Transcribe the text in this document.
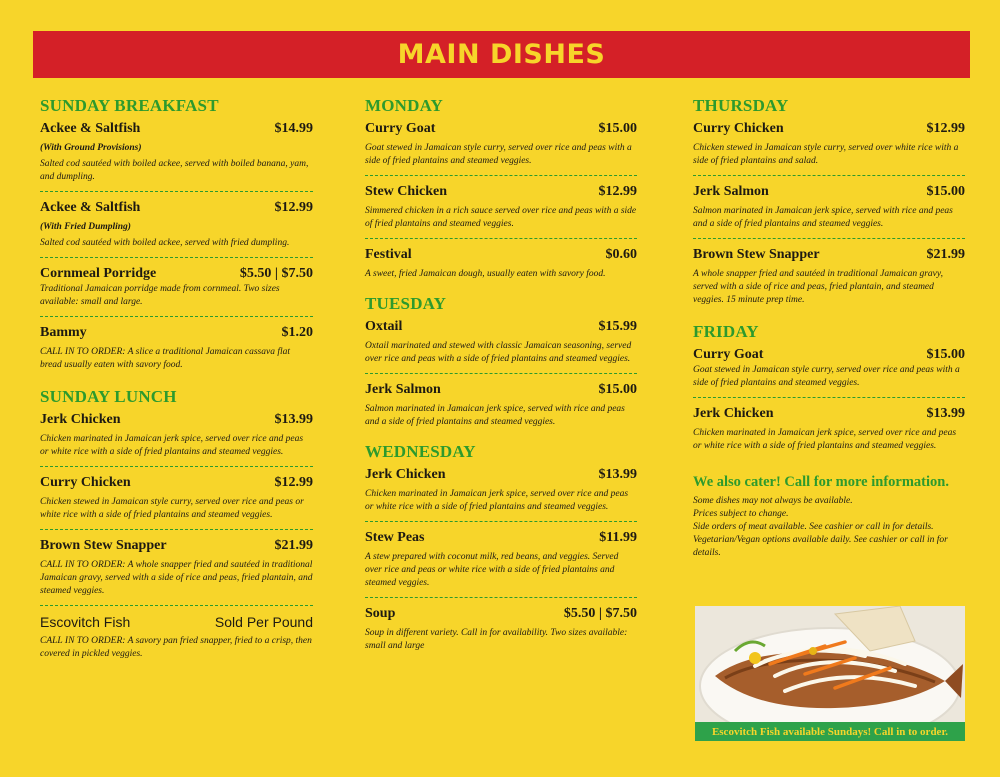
MAIN DISHES
SUNDAY BREAKFAST
Ackee & Saltfish	$14.99
(With Ground Provisions)
Salted cod sautéed with boiled ackee, served with boiled banana, yam, and dumpling.
Ackee & Saltfish	$12.99
(With Fried Dumpling)
Salted cod sautéed with boiled ackee, served with fried dumpling.
Cornmeal Porridge	$5.50 | $7.50
Traditional Jamaican porridge made from cornmeal. Two sizes available: small and large.
Bammy	$1.20
CALL IN TO ORDER: A slice a traditional Jamaican cassava flat bread usually eaten with savory food.
SUNDAY LUNCH
Jerk Chicken	$13.99
Chicken marinated in Jamaican jerk spice, served over rice and peas or white rice with a side of fried plantains and steamed veggies.
Curry Chicken	$12.99
Chicken stewed in Jamaican style curry, served over rice and peas or white rice with a side of fried plantains and steamed veggies.
Brown Stew Snapper	$21.99
CALL IN TO ORDER: A whole snapper fried and sautéed in traditional Jamaican gravy, served with a side of rice and peas, fried plantain, and steamed veggies.
Escovitch Fish	Sold Per Pound
CALL IN TO ORDER: A savory pan fried snapper, fried to a crisp, then covered in pickled veggies.
MONDAY
Curry Goat	$15.00
Goat stewed in Jamaican style curry, served over rice and peas with a side of fried plantains and steamed veggies.
Stew Chicken	$12.99
Simmered chicken in a rich sauce served over rice and peas with a side of fried plantains and steamed veggies.
Festival	$0.60
A sweet, fried Jamaican dough, usually eaten with savory food.
TUESDAY
Oxtail	$15.99
Oxtail marinated and stewed with classic Jamaican seasoning, served over rice and peas with a side of fried plantains and steamed veggies.
Jerk Salmon	$15.00
Salmon marinated in Jamaican jerk spice, served with rice and peas and a side of fried plantains and steamed veggies.
WEDNESDAY
Jerk Chicken	$13.99
Chicken marinated in Jamaican jerk spice, served over rice and peas or white rice with a side of fried plantains and steamed veggies.
Stew Peas	$11.99
A stew prepared with coconut milk, red beans, and veggies. Served over rice and peas or white rice with a side of fried plantains and steamed veggies.
Soup	$5.50 | $7.50
Soup in different variety. Call in for availability. Two sizes available: small and large
THURSDAY
Curry Chicken	$12.99
Chicken stewed in Jamaican style curry, served over white rice with a side of fried plantains and salad.
Jerk Salmon	$15.00
Salmon marinated in Jamaican jerk spice, served with rice and peas and a side of fried plantains and steamed veggies.
Brown Stew Snapper	$21.99
A whole snapper fried and sautéed in traditional Jamaican gravy, served with a side of rice and peas, fried plantain, and steamed veggies. 15 minute prep time.
FRIDAY
Curry Goat	$15.00
Goat stewed in Jamaican style curry, served over rice and peas with a side of fried plantains and steamed veggies.
Jerk Chicken	$13.99
Chicken marinated in Jamaican jerk spice, served over rice and peas or white rice with a side of fried plantains and steamed veggies.
We also cater! Call for more information.
Some dishes may not always be available.
Prices subject to change.
Side orders of meat available. See cashier or call in for details.
Vegetarian/Vegan options available daily. See cashier or call in for details.
Escovitch Fish available Sundays! Call in to order.
